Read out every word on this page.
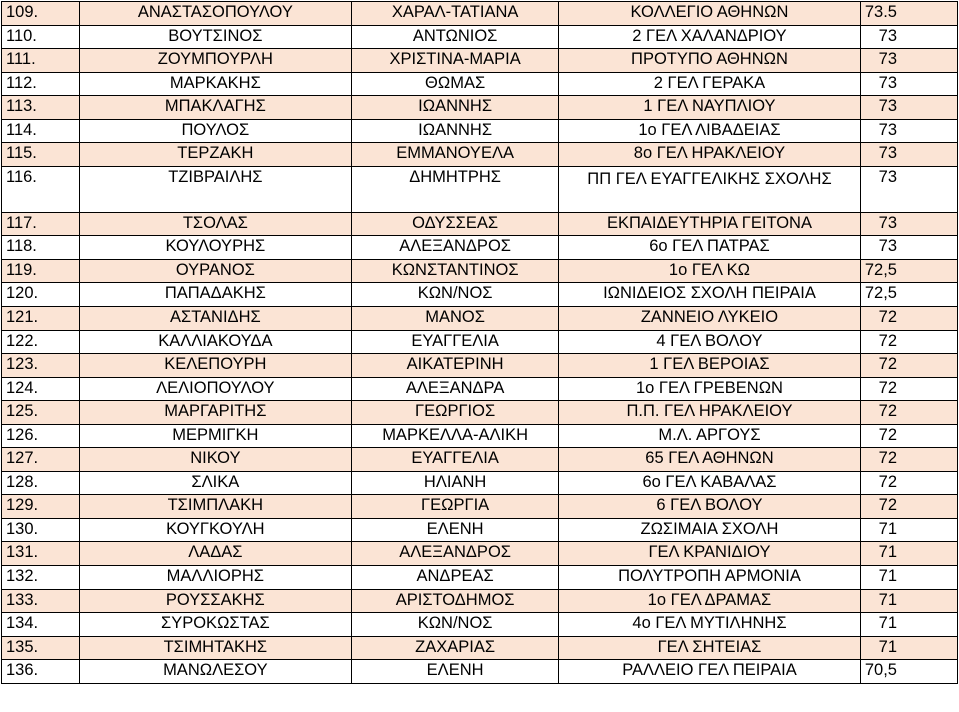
109.	ΑΝΑΣΤΑΣΟΠΟΥΛΟΥ	ΧΑΡΑΛ-ΤΑΤΙΑΝΑ	ΚΟΛΛΕΓΙΟ ΑΘΗΝΩΝ	73.5
110.	ΒΟΥΤΣΙΝΟΣ	ΑΝΤΩΝΙΟΣ	2 ΓΕΛ ΧΑΛΑΝΔΡΙΟΥ	73
111.	ΖΟΥΜΠΟΥΡΛΗ	ΧΡΙΣΤΙΝΑ-ΜΑΡΙΑ	ΠΡΟΤΥΠΟ ΑΘΗΝΩΝ	73
112.	ΜΑΡΚΑΚΗΣ	ΘΩΜΑΣ	2 ΓΕΛ ΓΕΡΑΚΑ	73
113.	ΜΠΑΚΛΑΓΗΣ	ΙΩΑΝΝΗΣ	1 ΓΕΛ ΝΑΥΠΛΙΟΥ	73
114.	ΠΟΥΛΟΣ	ΙΩΑΝΝΗΣ	1ο ΓΕΛ ΛΙΒΑΔΕΙΑΣ	73
115.	ΤΕΡΖΑΚΗ	ΕΜΜΑΝΟΥΕΛΑ	8ο ΓΕΛ ΗΡΑΚΛΕΙΟΥ	73
116.	ΤΖΙΒΡΑΙΛΗΣ	ΔΗΜΗΤΡΗΣ	ΠΠ ΓΕΛ ΕΥΑΓΓΕΛΙΚΗΣ ΣΧΟΛΗΣ	73
117.	ΤΣΟΛΑΣ	ΟΔΥΣΣΕΑΣ	ΕΚΠΑΙΔΕΥΤΗΡΙΑ ΓΕΙΤΟΝΑ	73
118.	ΚΟΥΛΟΥΡΗΣ	ΑΛΕΞΑΝΔΡΟΣ	6ο ΓΕΛ ΠΑΤΡΑΣ	73
119.	ΟΥΡΑΝΟΣ	ΚΩΝΣΤΑΝΤΙΝΟΣ	1ο ΓΕΛ ΚΩ	72,5
120.	ΠΑΠΑΔΑΚΗΣ	ΚΩΝ/ΝΟΣ	ΙΩΝΙΔΕΙΟΣ ΣΧΟΛΗ ΠΕΙΡΑΙΑ	72,5
121.	ΑΣΤΑΝΙΔΗΣ	ΜΑΝΟΣ	ΖΑΝΝΕΙΟ ΛΥΚΕΙΟ	72
122.	ΚΑΛΛΙΑΚΟΥΔΑ	ΕΥΑΓΓΕΛΙΑ	4 ΓΕΛ ΒΟΛΟΥ	72
123.	ΚΕΛΕΠΟΥΡΗ	ΑΙΚΑΤΕΡΙΝΗ	1 ΓΕΛ ΒΕΡΟΙΑΣ	72
124.	ΛΕΛΙΟΠΟΥΛΟΥ	ΑΛΕΞΑΝΔΡΑ	1ο ΓΕΛ ΓΡΕΒΕΝΩΝ	72
125.	ΜΑΡΓΑΡΙΤΗΣ	ΓΕΩΡΓΙΟΣ	Π.Π. ΓΕΛ ΗΡΑΚΛΕΙΟΥ	72
126.	ΜΕΡΜΙΓΚΗ	ΜΑΡΚΕΛΛΑ-ΑΛΙΚΗ	Μ.Λ. ΑΡΓΟΥΣ	72
127.	ΝΙΚΟΥ	ΕΥΑΓΓΕΛΙΑ	65 ΓΕΛ ΑΘΗΝΩΝ	72
128.	ΣΛΙΚΑ	ΗΛΙΑΝΗ	6ο ΓΕΛ ΚΑΒΑΛΑΣ	72
129.	ΤΣΙΜΠΛΑΚΗ	ΓΕΩΡΓΙΑ	6 ΓΕΛ ΒΟΛΟΥ	72
130.	ΚΟΥΓΚΟΥΛΗ	ΕΛΕΝΗ	ΖΩΣΙΜΑΙΑ ΣΧΟΛΗ	71
131.	ΛΑΔΑΣ	ΑΛΕΞΑΝΔΡΟΣ	ΓΕΛ ΚΡΑΝΙΔΙΟΥ	71
132.	ΜΑΛΛΙΟΡΗΣ	ΑΝΔΡΕΑΣ	ΠΟΛΥΤΡΟΠΗ ΑΡΜΟΝΙΑ	71
133.	ΡΟΥΣΣΑΚΗΣ	ΑΡΙΣΤΟΔΗΜΟΣ	1ο ΓΕΛ ΔΡΑΜΑΣ	71
134.	ΣΥΡΟΚΩΣΤΑΣ	ΚΩΝ/ΝΟΣ	4ο ΓΕΛ ΜΥΤΙΛΗΝΗΣ	71
135.	ΤΣΙΜΗΤΑΚΗΣ	ΖΑΧΑΡΙΑΣ	ΓΕΛ ΣΗΤΕΙΑΣ	71
136.	ΜΑΝΩΛΕΣΟΥ	ΕΛΕΝΗ	ΡΑΛΛΕΙΟ ΓΕΛ ΠΕΙΡΑΙΑ	70,5
